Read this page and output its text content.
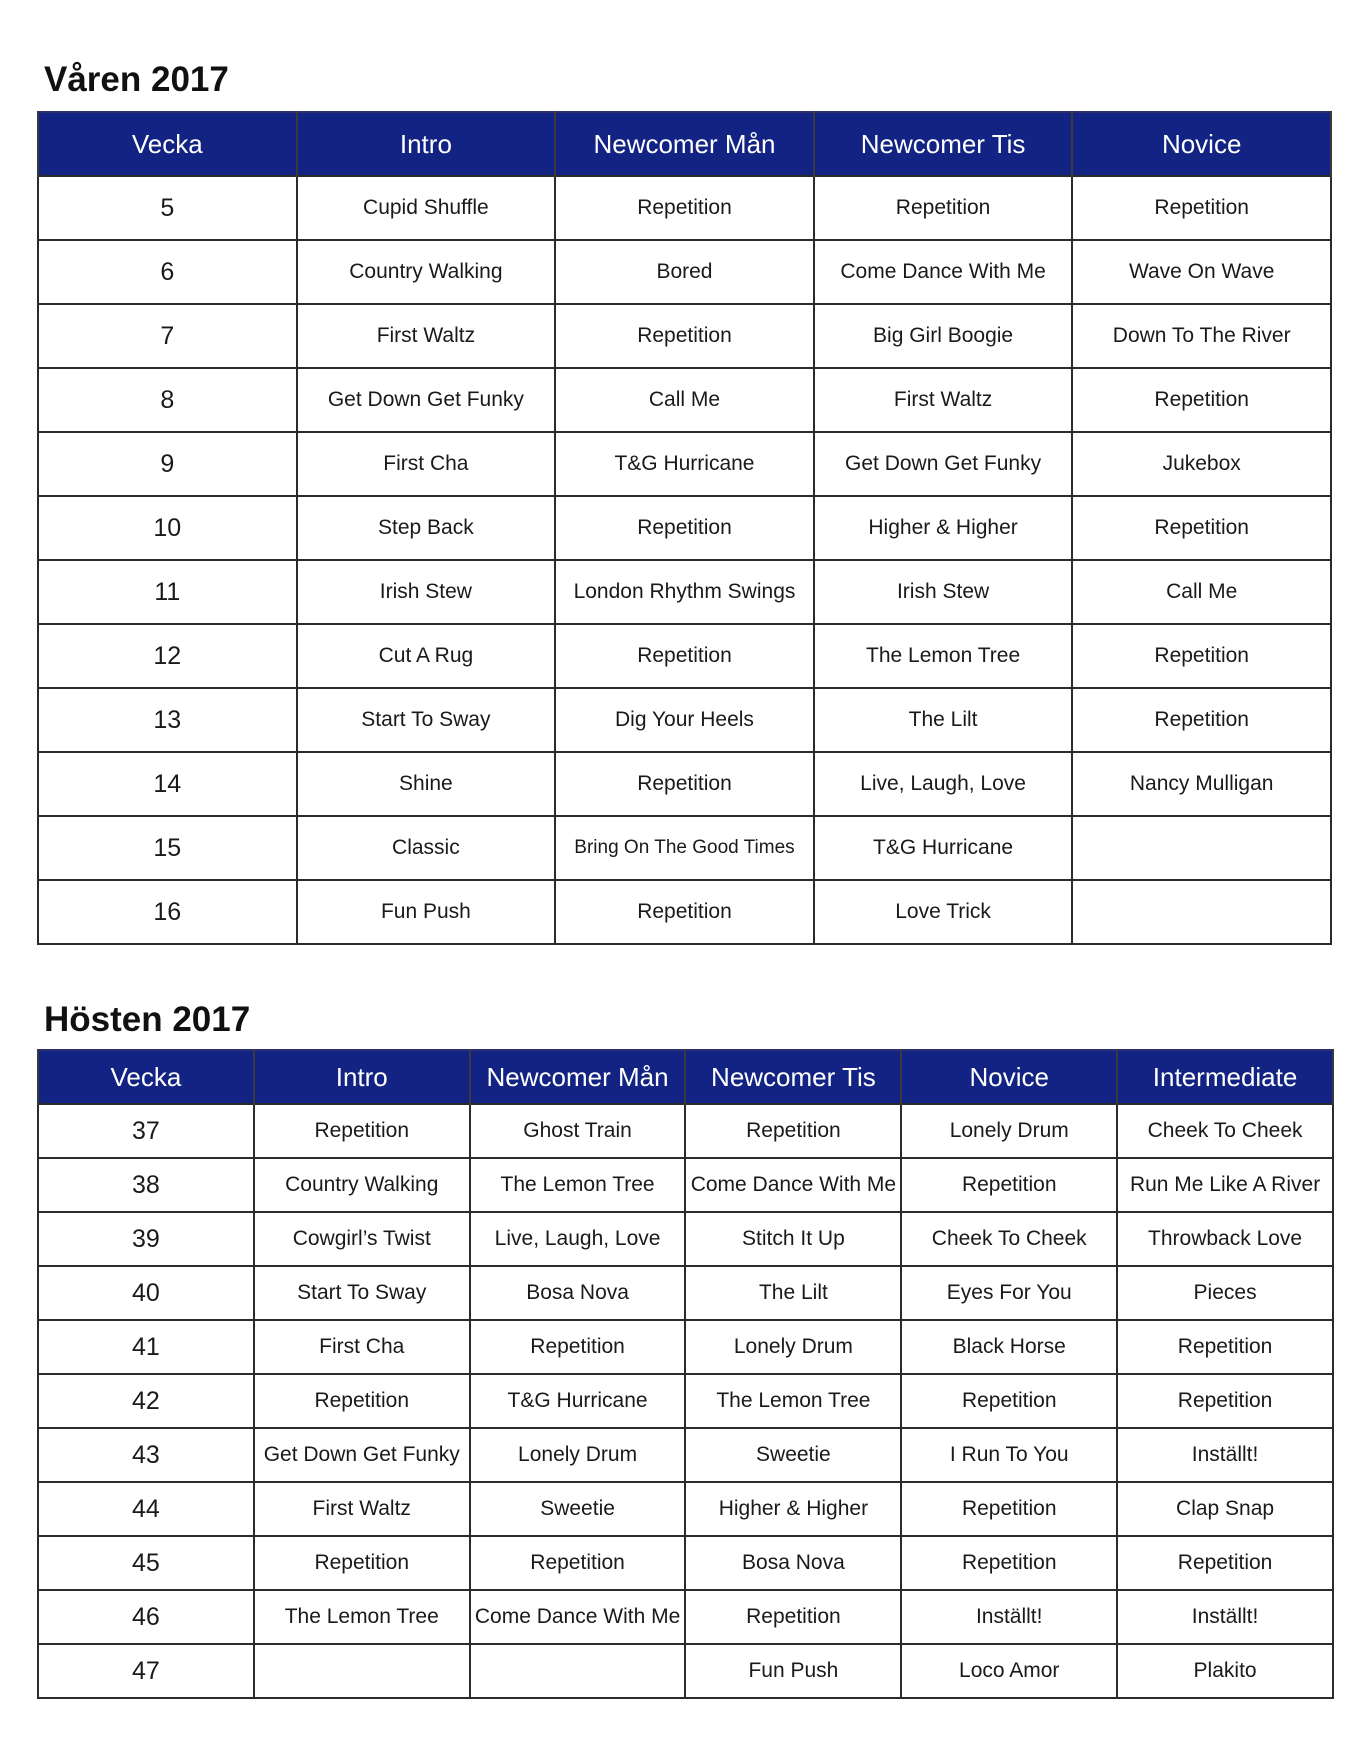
Våren 2017
Vecka	Intro	Newcomer Mån	Newcomer Tis	Novice
5	Cupid Shuffle	Repetition	Repetition	Repetition
6	Country Walking	Bored	Come Dance With Me	Wave On Wave
7	First Waltz	Repetition	Big Girl Boogie	Down To The River
8	Get Down Get Funky	Call Me	First Waltz	Repetition
9	First Cha	T&G Hurricane	Get Down Get Funky	Jukebox
10	Step Back	Repetition	Higher & Higher	Repetition
11	Irish Stew	London Rhythm Swings	Irish Stew	Call Me
12	Cut A Rug	Repetition	The Lemon Tree	Repetition
13	Start To Sway	Dig Your Heels	The Lilt	Repetition
14	Shine	Repetition	Live, Laugh, Love	Nancy Mulligan
15	Classic	Bring On The Good Times	T&G Hurricane	
16	Fun Push	Repetition	Love Trick	
Hösten 2017
Vecka	Intro	Newcomer Mån	Newcomer Tis	Novice	Intermediate
37	Repetition	Ghost Train	Repetition	Lonely Drum	Cheek To Cheek
38	Country Walking	The Lemon Tree	Come Dance With Me	Repetition	Run Me Like A River
39	Cowgirl’s Twist	Live, Laugh, Love	Stitch It Up	Cheek To Cheek	Throwback Love
40	Start To Sway	Bosa Nova	The Lilt	Eyes For You	Pieces
41	First Cha	Repetition	Lonely Drum	Black Horse	Repetition
42	Repetition	T&G Hurricane	The Lemon Tree	Repetition	Repetition
43	Get Down Get Funky	Lonely Drum	Sweetie	I Run To You	Inställt!
44	First Waltz	Sweetie	Higher & Higher	Repetition	Clap Snap
45	Repetition	Repetition	Bosa Nova	Repetition	Repetition
46	The Lemon Tree	Come Dance With Me	Repetition	Inställt!	Inställt!
47			Fun Push	Loco Amor	Plakito
